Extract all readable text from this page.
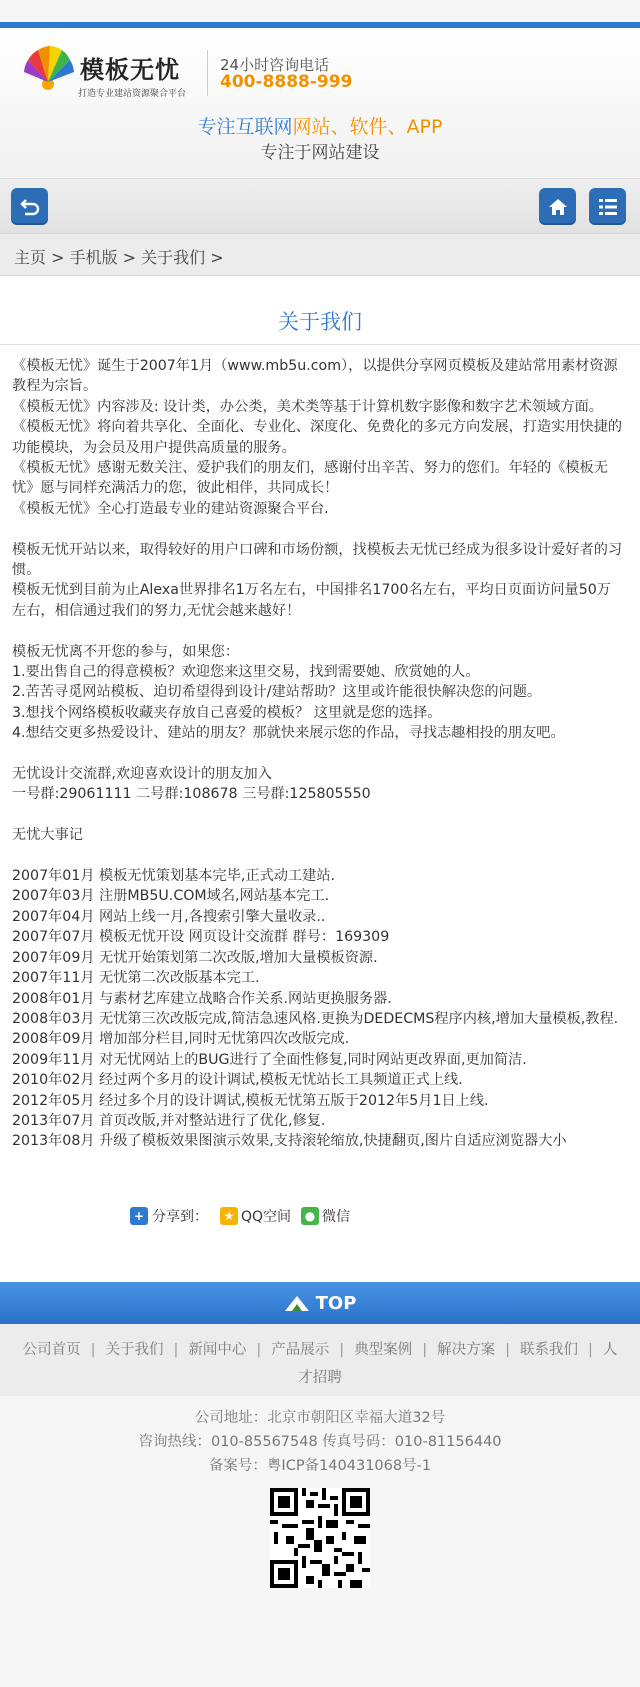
模板无忧
打造专业建站资源聚合平台
24小时咨询电话
400-8888-999
专注互联网网站、软件、APP
专注于网站建设
主页 > 手机版 > 关于我们 >
关于我们

《模板无忧》诞生于2007年1月（www.mb5u.com），以提供分享网页模板及建站常用素材资源教程为宗旨。

《模板无忧》内容涉及: 设计类，办公类，美术类等基于计算机数字影像和数字艺术领域方面。

《模板无忧》将向着共享化、全面化、专业化、深度化、免费化的多元方向发展，打造实用快捷的功能模块，为会员及用户提供高质量的服务。

《模板无忧》感谢无数关注、爱护我们的朋友们，感谢付出辛苦、努力的您们。年轻的《模板无忧》愿与同样充满活力的您，彼此相伴，共同成长！

《模板无忧》全心打造最专业的建站资源聚合平台.

模板无忧开站以来，取得较好的用户口碑和市场份额，找模板去无忧已经成为很多设计爱好者的习惯。

模板无忧到目前为止Alexa世界排名1万名左右，中国排名1700名左右，平均日页面访问量50万左右，相信通过我们的努力,无忧会越来越好！

模板无忧离不开您的参与，如果您：

1.要出售自己的得意模板？欢迎您来这里交易，找到需要她、欣赏她的人。

2.苦苦寻觅网站模板、迫切希望得到设计/建站帮助？这里或许能很快解决您的问题。

3.想找个网络模板收藏夹存放自己喜爱的模板？ 这里就是您的选择。

4.想结交更多热爱设计、建站的朋友？那就快来展示您的作品，寻找志趣相投的朋友吧。

无忧设计交流群,欢迎喜欢设计的朋友加入

一号群:29061111 二号群:108678 三号群:125805550

无忧大事记

2007年01月 模板无忧策划基本完毕,正式动工建站.

2007年03月 注册MB5U.COM域名,网站基本完工.

2007年04月 网站上线一月,各搜索引擎大量收录..

2007年07月 模板无忧开设 网页设计交流群 群号：169309

2007年09月 无忧开始策划第二次改版,增加大量模板资源.

2007年11月 无忧第二次改版基本完工.

2008年01月 与素材艺库建立战略合作关系.网站更换服务器.

2008年03月 无忧第三次改版完成,简洁急速风格.更换为DEDECMS程序内核,增加大量模板,教程.

2008年09月 增加部分栏目,同时无忧第四次改版完成.

2009年11月 对无忧网站上的BUG进行了全面性修复,同时网站更改界面,更加简洁.

2010年02月 经过两个多月的设计调试,模板无忧站长工具频道正式上线.

2012年05月 经过多个月的设计调试,模板无忧第五版于2012年5月1日上线.

2013年07月 首页改版,并对整站进行了优化,修复.

2013年08月 升级了模板效果图演示效果,支持滚轮缩放,快捷翻页,图片自适应浏览器大小

+ 分享到：	★ QQ空间	● 微信
TOP
公司首页 | 关于我们 | 新闻中心 | 产品展示 | 典型案例 | 解决方案 | 联系我们 | 人才招聘
公司地址：北京市朝阳区幸福大道32号
咨询热线：010-85567548 传真号码：010-81156440
备案号：粤ICP备140431068号-1
